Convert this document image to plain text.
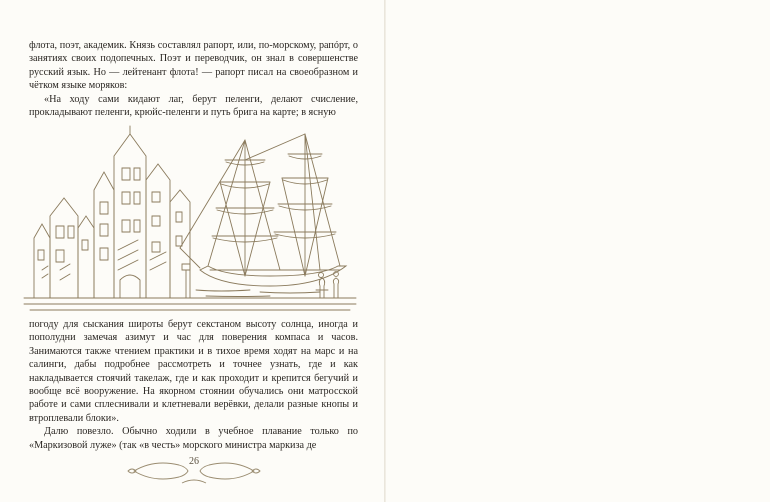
флота, поэт, академик. Князь составлял рапорт, или, по-морскому, рапóрт, о занятиях своих подопечных. Поэт и переводчик, он знал в совершенстве русский язык. Но — лейтенант флота! — рапорт писал на своеобразном и чётком языке моряков:

«На ходу сами кидают лаг, берут пеленги, делают счисление, прокладывают пеленги, крюйс-пеленги и путь брига на карте; в ясную

погоду для сыскания широты берут секстаном высоту солнца, иногда и пополудни замечая азимут и час для поверения компаса и часов. Занимаются также чтением практики и в тихое время ходят на марс и на салинги, дабы подробнее рассмотреть и точнее узнать, где и как накладывается стоячий такелаж, где и как проходит и крепится бегучий и вообще всё вооружение. На якорном стоянии обучались они матросской работе и сами сплеснивали и клетневали верёвки, делали разные кнопы и втроплевали блоки».

Далю повезло. Обычно ходили в учебное плавание только по «Маркизовой луже» (так «в честь» морского министра маркиза де

26
